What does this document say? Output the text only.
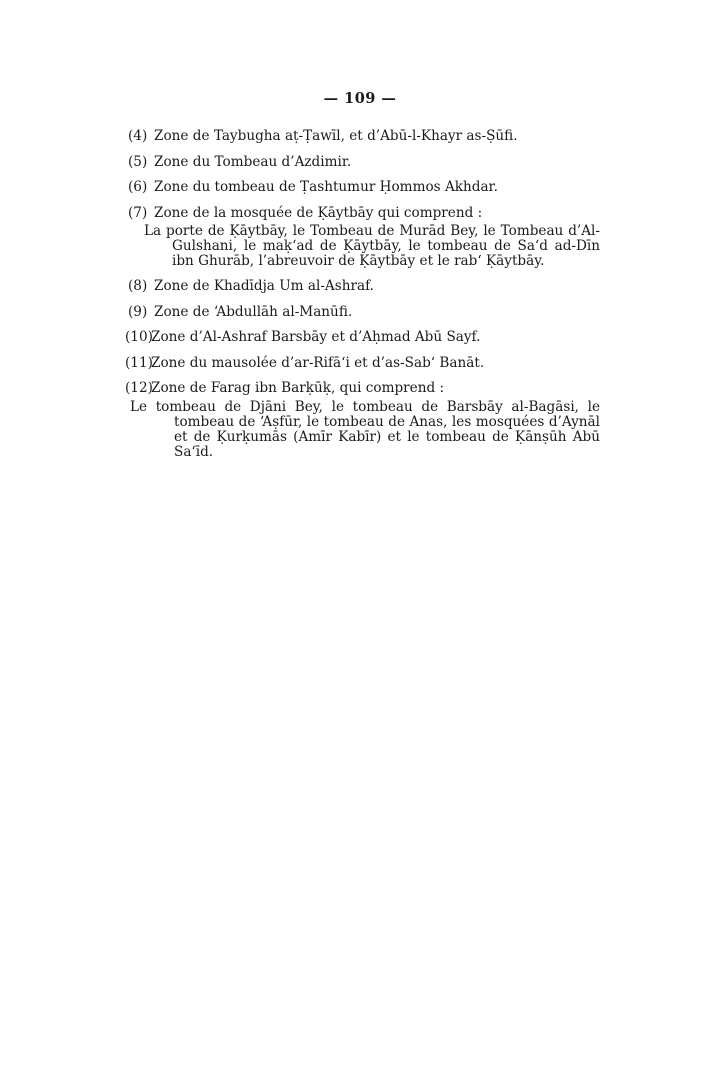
— 109 —
(4) Zone de Taybugha aṭ-Ṭawīl, et d’Abū-l-Khayr as-Ṣūfi.
(5) Zone du Tombeau d’Azdimir.
(6) Zone du tombeau de Ṭashtumur Ḥommos Akhdar.
(7) Zone de la mosquée de Ḳāytbāy qui comprend :
La porte de Ḳāytbāy, le Tombeau de Murād Bey, le Tombeau d’Al-Gulshani, le maḳ‘ad de Ḳāytbāy, le tombeau de Sa‘d ad-Dīn ibn Ghurāb, l’abreuvoir de Ḳāytbāy et le rab‘ Ḳāytbāy.
(8) Zone de Khadīdja Um al-Ashraf.
(9) Zone de ‘Abdullāh al-Manūfi.
(10)Zone d’Al-Ashraf Barsbāy et d’Aḥmad Abū Sayf.
(11)Zone du mausolée d’ar-Rifā‘i et d’as-Sab‘ Banāt.
(12)Zone de Farag ibn Barḳūḳ, qui comprend :
Le tombeau de Djāni Bey, le tombeau de Barsbāy al-Bagāsi, le tombeau de ‘Aṣfūr, le tombeau de Anas, les mosquées d’Aynāl et de Ḳurḳumās (Amīr Kabīr) et le tombeau de Ḳānṣūh Abū Sa‘īd.
